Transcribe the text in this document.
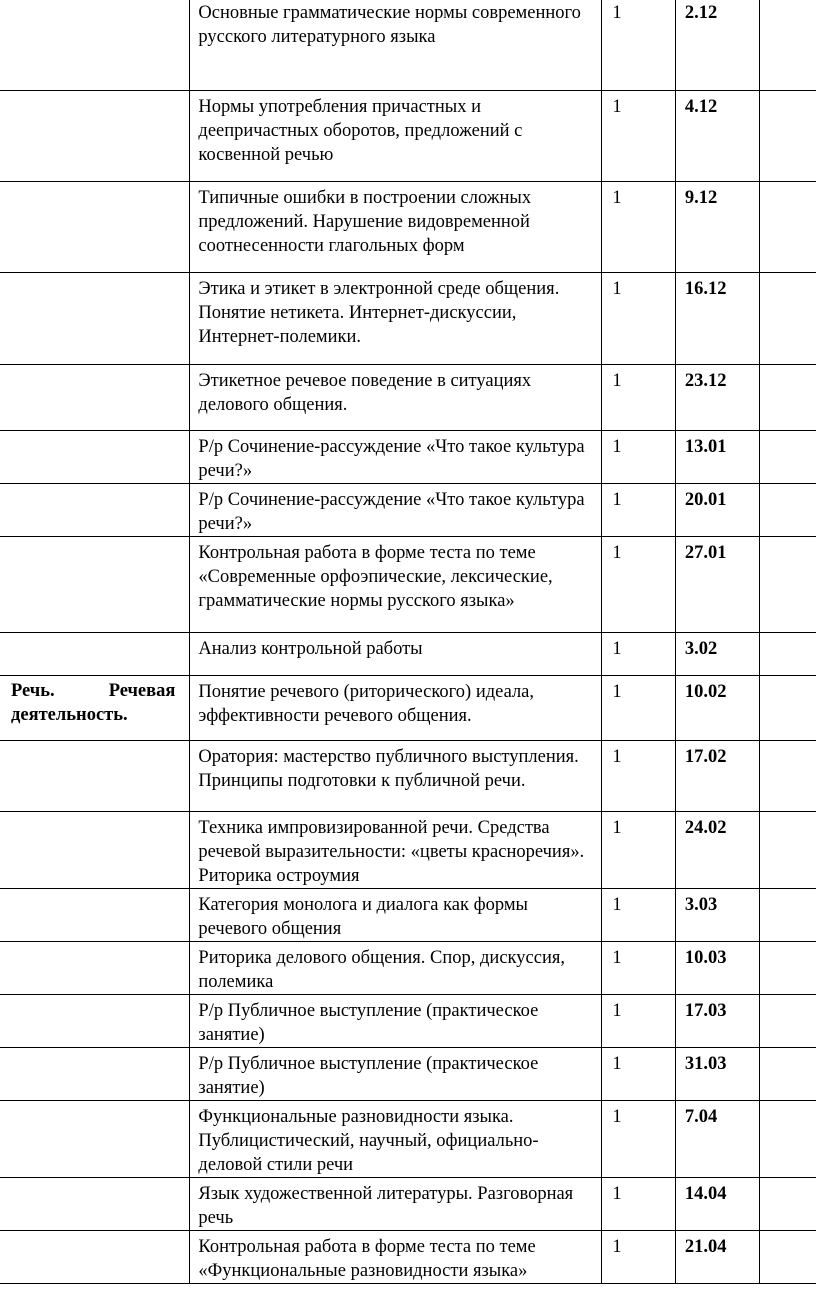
	Основные грамматические нормы современного русского литературного языка	1	2.12	

	Нормы употребления причастных и деепричастных оборотов, предложений с косвенной речью	1	4.12	

	Типичные ошибки в построении сложных предложений. Нарушение видовременной соотнесенности глагольных форм	1	9.12	

	Этика и этикет в электронной среде общения. Понятие нетикета. Интернет-дискуссии, Интернет-полемики.	1	16.12	

	Этикетное речевое поведение в ситуациях делового общения.	1	23.12	

	Р/р Сочинение-рассуждение «Что такое культура речи?»	1	13.01	

	Р/р Сочинение-рассуждение «Что такое культура речи?»	1	20.01	

	Контрольная работа в форме теста по теме «Современные орфоэпические, лексические, грамматические нормы русского языка»	1	27.01	

	Анализ контрольной работы	1	3.02	

Речь. Речевая
деятельность.	Понятие речевого (риторического) идеала, эффективности речевого общения.	1	10.02	

	Оратория: мастерство публичного выступления. Принципы подготовки к публичной речи.	1	17.02	

	Техника импровизированной речи. Средства речевой выразительности: «цветы красноречия». Риторика остроумия	1	24.02	

	Категория монолога и диалога как формы речевого общения	1	3.03	

	Риторика делового общения. Спор, дискуссия, полемика	1	10.03	

	Р/р Публичное выступление (практическое занятие)	1	17.03	

	Р/р Публичное выступление (практическое занятие)	1	31.03	

	Функциональные разновидности языка. Публицистический, научный, официально-деловой стили речи	1	7.04	

	Язык художественной литературы. Разговорная речь	1	14.04	

	Контрольная работа в форме теста по теме «Функциональные разновидности языка»	1	21.04	
